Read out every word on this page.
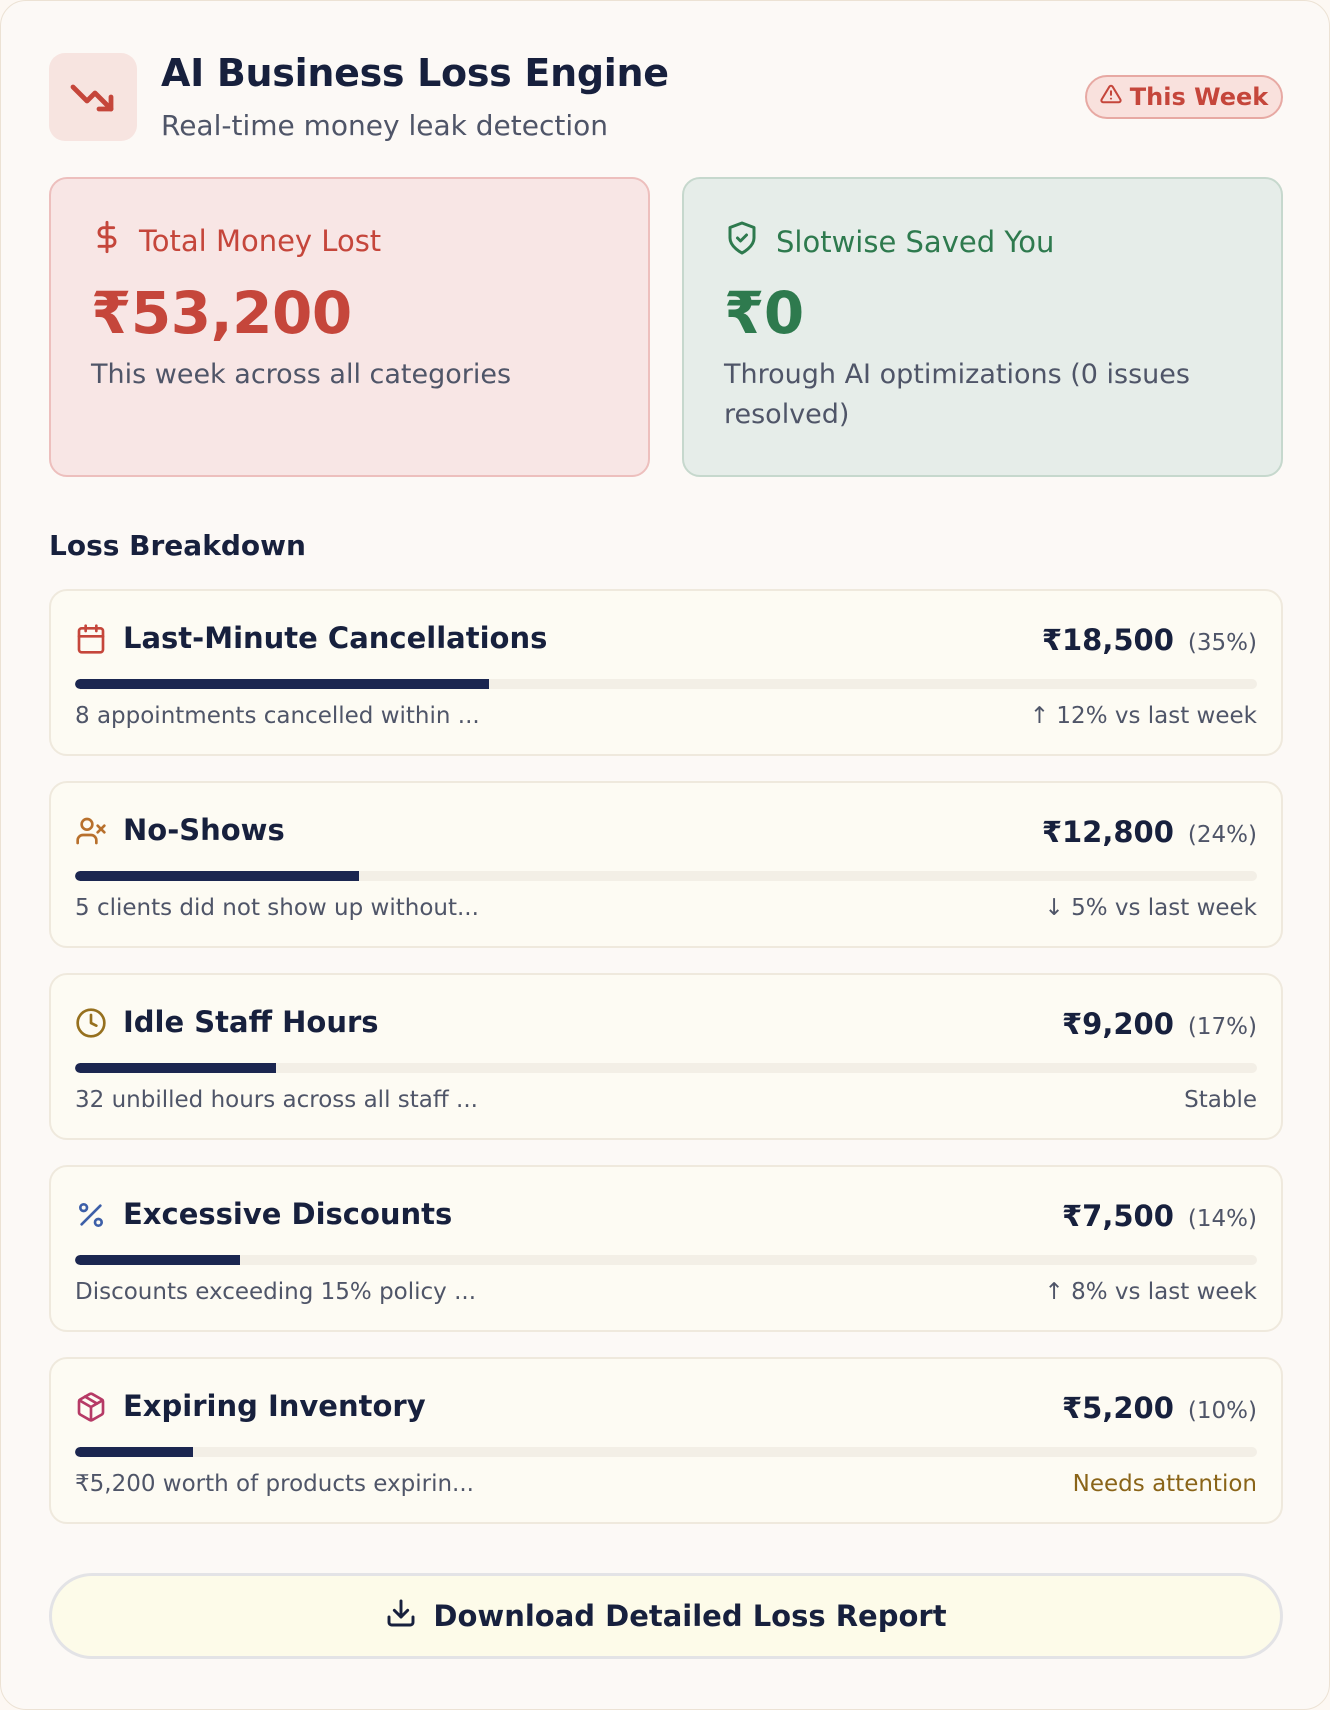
AI Business Loss Engine
Real-time money leak detection
This Week
Total Money Lost
₹53,200
This week across all categories
Slotwise Saved You
₹0
Through AI optimizations (0 issues resolved)
Loss Breakdown
Last-Minute Cancellations	₹18,500 (35%)
8 appointments cancelled within ...	↑ 12% vs last week
No-Shows	₹12,800 (24%)
5 clients did not show up without...	↓ 5% vs last week
Idle Staff Hours	₹9,200 (17%)
32 unbilled hours across all staff ...	Stable
Excessive Discounts	₹7,500 (14%)
Discounts exceeding 15% policy ...	↑ 8% vs last week
Expiring Inventory	₹5,200 (10%)
₹5,200 worth of products expirin...	Needs attention
Download Detailed Loss Report
